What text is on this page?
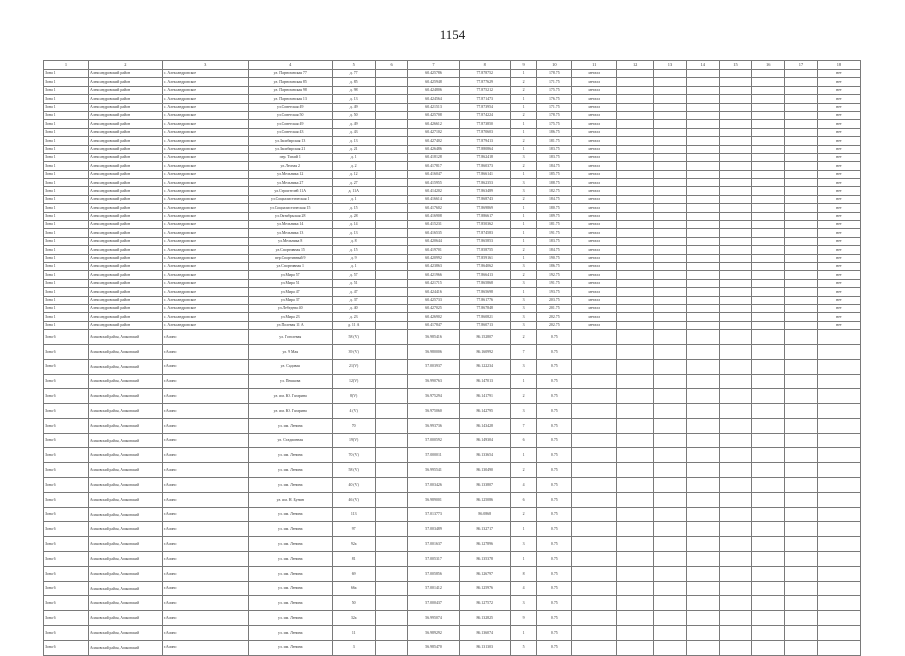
1154
1	2	3	4	5	6	7	8	9	10	11	12	13	14	15	16	17	18
Зона 1	Александровский район	с. Александровское	ул. Партизанская 77	д. 77		60.425786	77.878752	1	178.75	металл							нет
Зона 1	Александровский район	с. Александровское	ул. Партизанская 85	д. 85		60.425948	77.877629	2	171.75	металл							нет
Зона 1	Александровский район	с. Александровское	ул. Партизанская 98	д. 98		60.424806	77.875212	2	175.75	металл							нет
Зона 1	Александровский район	с. Александровское	ул. Партизанская 13	д. 13		60.424564	77.871473	1	176.75	металл							нет
Зона 1	Александровский район	с. Александровское	ул.Советская 49	д. 49		60.421513	77.873954	1	171.75	металл							нет
Зона 1	Александровский район	с. Александровское	ул.Советская 50	д. 50		60.425708	77.874224	2	178.75	металл							нет
Зона 1	Александровский район	с. Александровское	ул.Советская 49	д. 49		60.426612	77.873850	1	175.75	металл							нет
Зона 1	Александровский район	с. Александровское	ул.Советская 43	д. 43		60.427102	77.870603	1	186.75	металл							нет
Зона 1	Александровский район	с. Александровское	ул.Засибирская 13	д. 13		60.427402	77.879413	2	181.75	металл							нет
Зона 1	Александровский район	с. Александровское	ул.Засибирская 21	д. 21		60.426486	77.880864	1	183.75	металл							нет
Зона 1	Александровский район	с. Александровское	пер. Тихий 1	д. 1		60.418128	77.862418	3	183.75	металл							нет
Зона 1	Александровский район	с. Александровское	ул.Лесная 2	д. 2		60.417817	77.860373	2	184.75	металл							нет
Зона 1	Александровский район	с. Александровское	ул.Мельника 12	д. 12		60.416047	77.866141	1	185.75	металл							нет
Зона 1	Александровский район	с. Александровское	ул.Мельника 27	д. 27		60.415955	77.862353	3	188.75	металл							нет
Зона 1	Александровский район	с. Александровское	ул.Строителей 11А	д. 11А		60.414202	77.863489	3	182.75	металл							нет
Зона 1	Александровский район	с. Александровское	ул.Социалистическая 1	д. 1		60.416614	77.868743	2	184.75	металл							нет
Зона 1	Александровский район	с. Александровское	ул.Социалистическая 15	д. 15		60.417602	77.869869	1	180.75	металл							нет
Зона 1	Александровский район	с. Александровское	ул.Октябрьская 28	д. 28		60.416908	77.886617	1	189.75	металл							нет
Зона 1	Александровский район	с. Александровское	ул.Мельника 14	д. 14		60.415231	77.850362	1	181.75	металл							нет
Зона 1	Александровский район	с. Александровское	ул.Мельника 13	д. 13		60.416535	77.874583	1	191.75	металл							нет
Зона 1	Александровский район	с. Александровское	ул.Мельника 8	д. 8		60.420644	77.865853	1	183.75	металл							нет
Зона 1	Александровский район	с. Александровское	ул.Спортивная 15	д. 15		60.419701	77.858755	2	184.75	металл							нет
Зона 1	Александровский район	с. Александровское	пер.Спортивный 9	д. 9		60.420992	77.859161	1	190.75	металл							нет
Зона 1	Александровский район	с. Александровское	ул.Спортивная 1	д. 1		60.423863	77.864062	3	186.75	металл							нет
Зона 1	Александровский район	с. Александровское	ул.Мира 57	д. 57		60.421966	77.866413	2	192.75	металл							нет
Зона 1	Александровский район	с. Александровское	ул.Мира 51	д. 51		60.421715	77.865868	3	191.75	металл							нет
Зона 1	Александровский район	с. Александровское	ул.Мира 47	д. 47		60.424416	77.865698	1	193.75	металл							нет
Зона 1	Александровский район	с. Александровское	ул.Мира 37	д. 37		60.425733	77.861776	3	203.75	металл							нет
Зона 1	Александровский район	с. Александровское	ул.Лебедева 40	д. 40		60.427025	77.867848	3	201.75	металл							нет
Зона 1	Александровский район	с. Александровское	ул.Мира 23	д. 23		60.426902	77.860821	3	202.75	металл							нет
Зона 1	Александровский район	с. Александровское	ул.Полевая 11 А	д. 11 А		60.417847	77.860713	3	202.75	металл							нет
Зона 6	Асиновский район, Асиновский	г.Асино	ул. Гоголевая	58 (V)		56.985416	86.152807	2	0.75								
Зона 6	Асиновский район, Асиновский	г.Асино	ул. 9 Мая	39 (V)		56.980006	86.160992	7	0.75								
Зона 6	Асиновский район, Асиновский	г.Асино	ул. Садовая	21(V)		57.003937	86.122234	3	0.75								
Зона 6	Асиновский район, Асиновский	г.Асино	ул. Пешкова	12(V)		56.990763	86.147013	1	0.75								
Зона 6	Асиновский район, Асиновский	г.Асино	ул. им. Ю. Гагарина	8(V)		56.975294	86.141791	2	0.75								
Зона 6	Асиновский район, Асиновский	г.Асино	ул. им. Ю. Гагарина	4 (V)		56.975060	86.142795	3	0.75								
Зона 6	Асиновский район, Асиновский	г.Асино	ул. им. Ленина	70		56.993736	86.143428	7	0.75								
Зона 6	Асиновский район, Асиновский	г.Асино	ул. Стадионная	19(V)		57.000592	86.149304	6	0.75								
Зона 6	Асиновский район, Асиновский	г.Асино	ул. им. Ленина	70 (V)		57.000011	86.133654	1	0.75								
Зона 6	Асиновский район, Асиновский	г.Асино	ул. им. Ленина	58 (V)		56.995541	86.130490	2	0.75								
Зона 6	Асиновский район, Асиновский	г.Асино	ул. им. Ленина	40 (V)		57.003426	86.133807	4	0.75								
Зона 6	Асиновский район, Асиновский	г.Асино	ул. им. Н. Бунин	46 (V)		56.989001	86.125086	6	0.75								
Зона 6	Асиновский район, Асиновский	г.Асино	ул. им. Ленина	113		57.013773	86.0868	2	0.75								
Зона 6	Асиновский район, Асиновский	г.Асино	ул. им. Ленина	97		57.003489	86.132717	1	0.75								
Зона 6	Асиновский район, Асиновский	г.Асино	ул. им. Ленина	92а		57.001637	86.127896	3	0.75								
Зона 6	Асиновский район, Асиновский	г.Асино	ул. им. Ленина	81		57.005317	86.135378	1	0.75								
Зона 6	Асиновский район, Асиновский	г.Асино	ул. им. Ленина	69		57.005856	86.126797	8	0.75								
Зона 6	Асиновский район, Асиновский	г.Асино	ул. им. Ленина	66а		57.001412	86.125976	4	0.75								
Зона 6	Асиновский район, Асиновский	г.Асино	ул. им. Ленина	50		57.000437	86.127572	3	0.75								
Зона 6	Асиновский район, Асиновский	г.Асино	ул. им. Ленина	32а		56.995074	86.132825	9	0.75								
Зона 6	Асиновский район, Асиновский	г.Асино	ул. им. Ленина	11		56.989292	86.136074	1	0.75								
Зона 6	Асиновский район, Асиновский	г.Асино	ул. им. Ленина	3		56.985470	86.131303	5	0.75								
